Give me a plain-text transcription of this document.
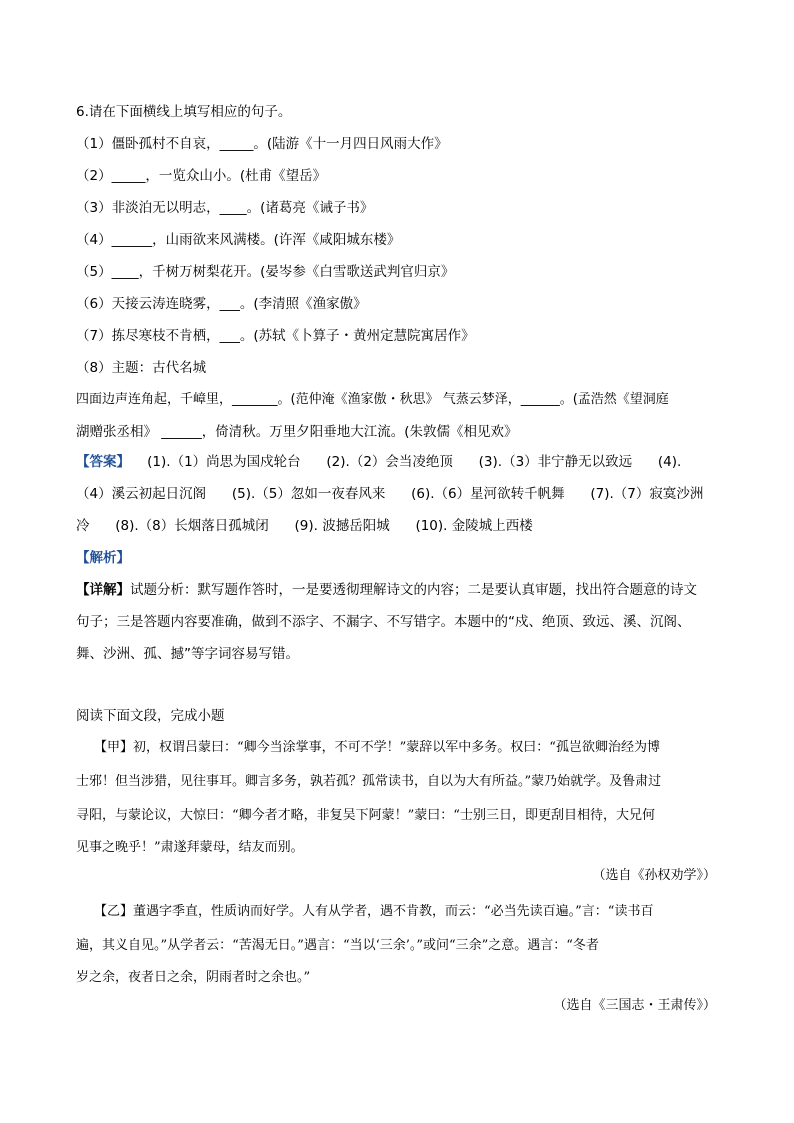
6.请在下面横线上填写相应的句子。
（1）僵卧孤村不自哀，_____。(陆游《十一月四日风雨大作》
（2）_____，一览众山小。(杜甫《望岳》
（3）非淡泊无以明志，____。(诸葛亮《诫子书》
（4）______，山雨欲来风满楼。(许浑《咸阳城东楼》
（5）____，千树万树梨花开。(晏岑参《白雪歌送武判官归京》
（6）天接云涛连晓雾，___。(李清照《渔家傲》
（7）拣尽寒枝不肯栖，___。(苏轼《卜算子・黄州定慧院寓居作》
（8）主题：古代名城
四面边声连角起，千嶂里，_______。(范仲淹《渔家傲・秋思》 气蒸云梦泽，______。(孟浩然《望洞庭
湖赠张丞相》 ______，倚清秋。万里夕阳垂地大江流。(朱敦儒《相见欢》
【答案】    (1).（1）尚思为国戍轮台      (2).（2）会当凌绝顶      (3).（3）非宁静无以致远      (4).
（4）溪云初起日沉阁      (5).（5）忽如一夜春风来      (6).（6）星河欲转千帆舞      (7).（7）寂寞沙洲
冷      (8).（8）长烟落日孤城闭      (9). 波撼岳阳城      (10). 金陵城上西楼
【解析】
【详解】试题分析：默写题作答时，一是要透彻理解诗文的内容；二是要认真审题，找出符合题意的诗文
句子；三是答题内容要准确，做到不添字、不漏字、不写错字。本题中的“戍、绝顶、致远、溪、沉阁、
舞、沙洲、孤、撼”等字词容易写错。
阅读下面文段，完成小题
【甲】初，权谓吕蒙曰：“卿今当涂掌事，不可不学！”蒙辞以军中多务。权曰：“孤岂欲卿治经为博
士邪！但当涉猎，见往事耳。卿言多务，孰若孤？孤常读书，自以为大有所益。”蒙乃始就学。及鲁肃过
寻阳，与蒙论议，大惊曰：“卿今者才略，非复吴下阿蒙！”蒙曰：“士别三日，即更刮目相待，大兄何
见事之晚乎！”肃遂拜蒙母，结友而别。
（选自《孙权劝学》）
【乙】董遇字季直，性质讷而好学。人有从学者，遇不肯教，而云：“必当先读百遍。”言：“读书百
遍，其义自见。”从学者云：“苦渴无日。”遇言：“当以‘三余’。”或问“三余”之意。遇言：“冬者
岁之余，夜者日之余，阴雨者时之余也。”
（选自《三国志・王肃传》）
